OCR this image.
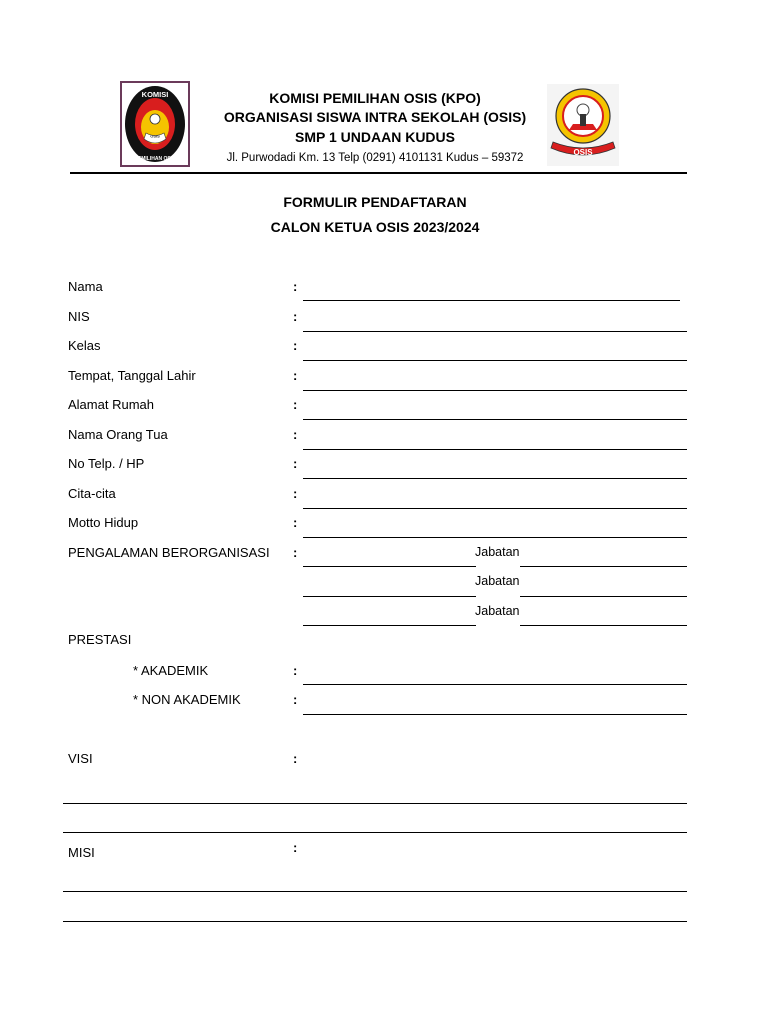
KOMISI
OSIS
PEMILIHAN OSIS
KOMISI PEMILIHAN OSIS (KPO)
ORGANISASI SISWA INTRA SEKOLAH (OSIS)
SMP 1 UNDAAN KUDUS
Jl. Purwodadi Km. 13 Telp (0291) 4101131 Kudus – 59372	OSIS
FORMULIR PENDAFTARAN
CALON KETUA OSIS 2023/2024
Nama	:
NIS	:
Kelas	:
Tempat, Tanggal Lahir	:
Alamat Rumah	:
Nama Orang Tua	:
No Telp. / HP	:
Cita-cita	:
Motto Hidup	:
PENGALAMAN BERORGANISASI :	Jabatan
Jabatan
Jabatan
PRESTASI
* AKADEMIK	:
* NON AKADEMIK	:
VISI	:
MISI	:
